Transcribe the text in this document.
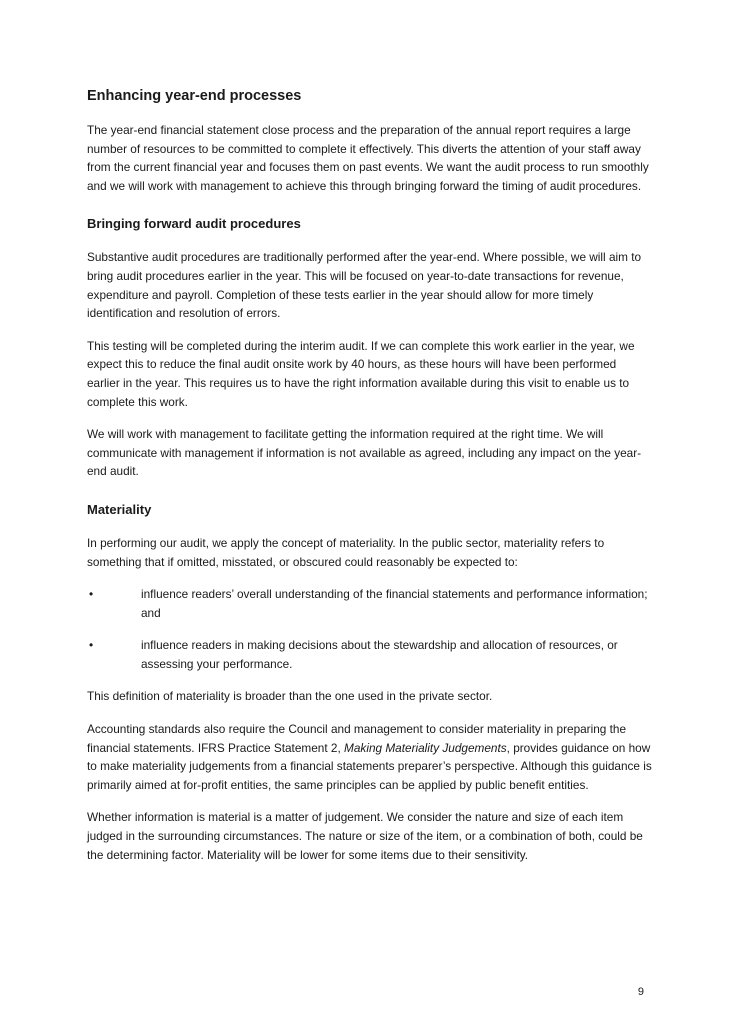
Enhancing year-end processes

The year-end financial statement close process and the preparation of the annual report requires a large number of resources to be committed to complete it effectively. This diverts the attention of your staff away from the current financial year and focuses them on past events. We want the audit process to run smoothly and we will work with management to achieve this through bringing forward the timing of audit procedures.

Bringing forward audit procedures

Substantive audit procedures are traditionally performed after the year-end. Where possible, we will aim to bring audit procedures earlier in the year. This will be focused on year-to-date transactions for revenue, expenditure and payroll. Completion of these tests earlier in the year should allow for more timely identification and resolution of errors.

This testing will be completed during the interim audit. If we can complete this work earlier in the year, we expect this to reduce the final audit onsite work by 40 hours, as these hours will have been performed earlier in the year. This requires us to have the right information available during this visit to enable us to complete this work.

We will work with management to facilitate getting the information required at the right time. We will communicate with management if information is not available as agreed, including any impact on the year-end audit.

Materiality

In performing our audit, we apply the concept of materiality. In the public sector, materiality refers to something that if omitted, misstated, or obscured could reasonably be expected to:

•	influence readers’ overall understanding of the financial statements and performance information; and
•	influence readers in making decisions about the stewardship and allocation of resources, or assessing your performance.

This definition of materiality is broader than the one used in the private sector.

Accounting standards also require the Council and management to consider materiality in preparing the financial statements. IFRS Practice Statement 2, Making Materiality Judgements, provides guidance on how to make materiality judgements from a financial statements preparer’s perspective. Although this guidance is primarily aimed at for-profit entities, the same principles can be applied by public benefit entities.

Whether information is material is a matter of judgement. We consider the nature and size of each item judged in the surrounding circumstances. The nature or size of the item, or a combination of both, could be the determining factor. Materiality will be lower for some items due to their sensitivity.

9
